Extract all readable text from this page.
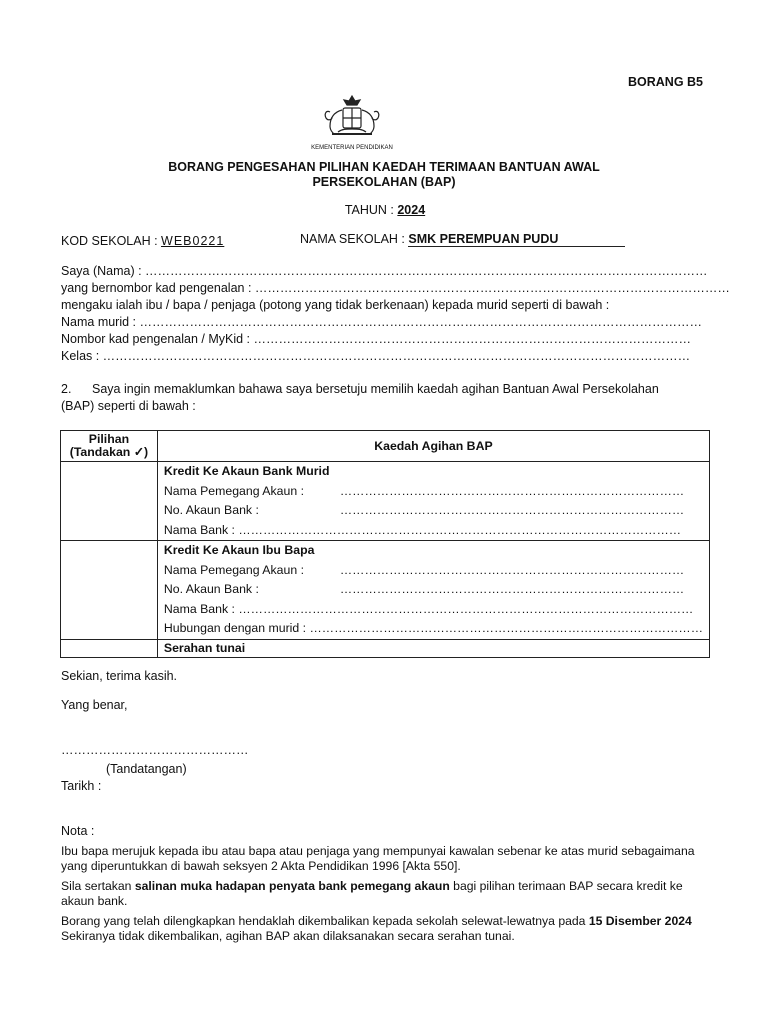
BORANG B5
KEMENTERIAN PENDIDIKAN
BORANG PENGESAHAN PILIHAN KAEDAH TERIMAAN BANTUAN AWAL
PERSEKOLAHAN (BAP)
TAHUN : 2024
KOD SEKOLAH : WEB0221	NAMA SEKOLAH : SMK PEREMPUAN PUDU
Saya (Nama) : ………………………………………………………………………………………………………………………
yang bernombor kad pengenalan : ……………………………………………………………………………………………………
mengaku ialah ibu / bapa / penjaga (potong yang tidak berkenaan) kepada murid seperti di bawah :
Nama murid : ………………………………………………………………………………………………………………………
Nombor kad pengenalan / MyKid : ……………………………………………………………………………………………
Kelas : ……………………………………………………………………………………………………………………………
2. Saya ingin memaklumkan bahawa saya bersetuju memilih kaedah agihan Bantuan Awal Persekolahan
(BAP) seperti di bawah :
Pilihan
(Tandakan ✓)	Kaedah Agihan BAP

	Kredit Ke Akaun Bank Murid
Nama Pemegang Akaun : …………………………………………………………………………
No. Akaun Bank : …………………………………………………………………………
Nama Bank : ………………………………………………………………………………………………

	Kredit Ke Akaun Ibu Bapa
Nama Pemegang Akaun : …………………………………………………………………………
No. Akaun Bank : …………………………………………………………………………
Nama Bank : …………………………………………………………………………………………………
Hubungan dengan murid : ……………………………………………………………………………………

	Serahan tunai
Sekian, terima kasih.
Yang benar,
………………………………………
(Tandatangan)
Tarikh :
Nota :

Ibu bapa merujuk kepada ibu atau bapa atau penjaga yang mempunyai kawalan sebenar ke atas murid sebagaimana

yang diperuntukkan di bawah seksyen 2 Akta Pendidikan 1996 [Akta 550].

Sila sertakan salinan muka hadapan penyata bank pemegang akaun bagi pilihan terimaan BAP secara kredit ke

akaun bank.

Borang yang telah dilengkapkan hendaklah dikembalikan kepada sekolah selewat-lewatnya pada 15 Disember 2024

Sekiranya tidak dikembalikan, agihan BAP akan dilaksanakan secara serahan tunai.
